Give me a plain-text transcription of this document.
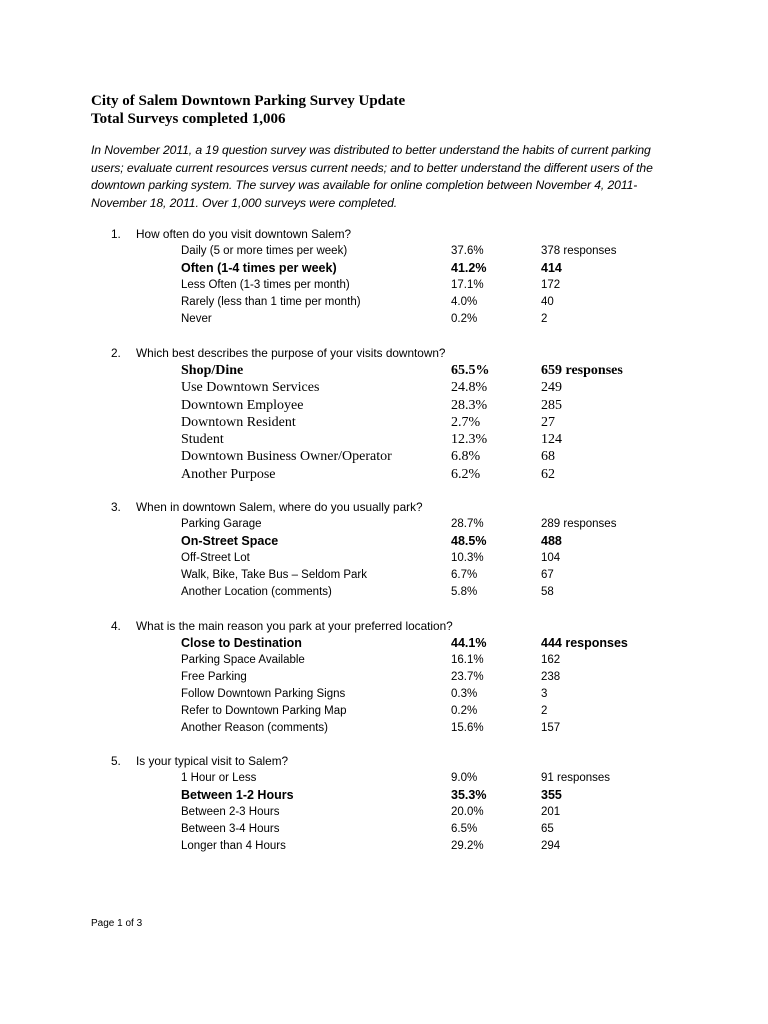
City of Salem Downtown Parking Survey Update
Total Surveys completed 1,006
In November 2011, a 19 question survey was distributed to better understand the habits of current parking users; evaluate current resources versus current needs; and to better understand the different users of the downtown parking system. The survey was available for online completion between November 4, 2011-November 18, 2011. Over 1,000 surveys were completed.
1. How often do you visit downtown Salem?
Daily (5 or more times per week)	37.6%	378 responses
Often (1-4 times per week)	41.2%	414
Less Often (1-3 times per month)	17.1%	172
Rarely (less than 1 time per month)	4.0%	40
Never	0.2%	2
2. Which best describes the purpose of your visits downtown?
Shop/Dine	65.5%	659 responses
Use Downtown Services	24.8%	249
Downtown Employee	28.3%	285
Downtown Resident	2.7%	27
Student	12.3%	124
Downtown Business Owner/Operator	6.8%	68
Another Purpose	6.2%	62
3. When in downtown Salem, where do you usually park?
Parking Garage	28.7%	289 responses
On-Street Space	48.5%	488
Off-Street Lot	10.3%	104
Walk, Bike, Take Bus – Seldom Park	6.7%	67
Another Location (comments)	5.8%	58
4. What is the main reason you park at your preferred location?
Close to Destination	44.1%	444 responses
Parking Space Available	16.1%	162
Free Parking	23.7%	238
Follow Downtown Parking Signs	0.3%	3
Refer to Downtown Parking Map	0.2%	2
Another Reason (comments)	15.6%	157
5. Is your typical visit to Salem?
1 Hour or Less	9.0%	91 responses
Between 1-2 Hours	35.3%	355
Between 2-3 Hours	20.0%	201
Between 3-4 Hours	6.5%	65
Longer than 4 Hours	29.2%	294
Page 1 of 3
